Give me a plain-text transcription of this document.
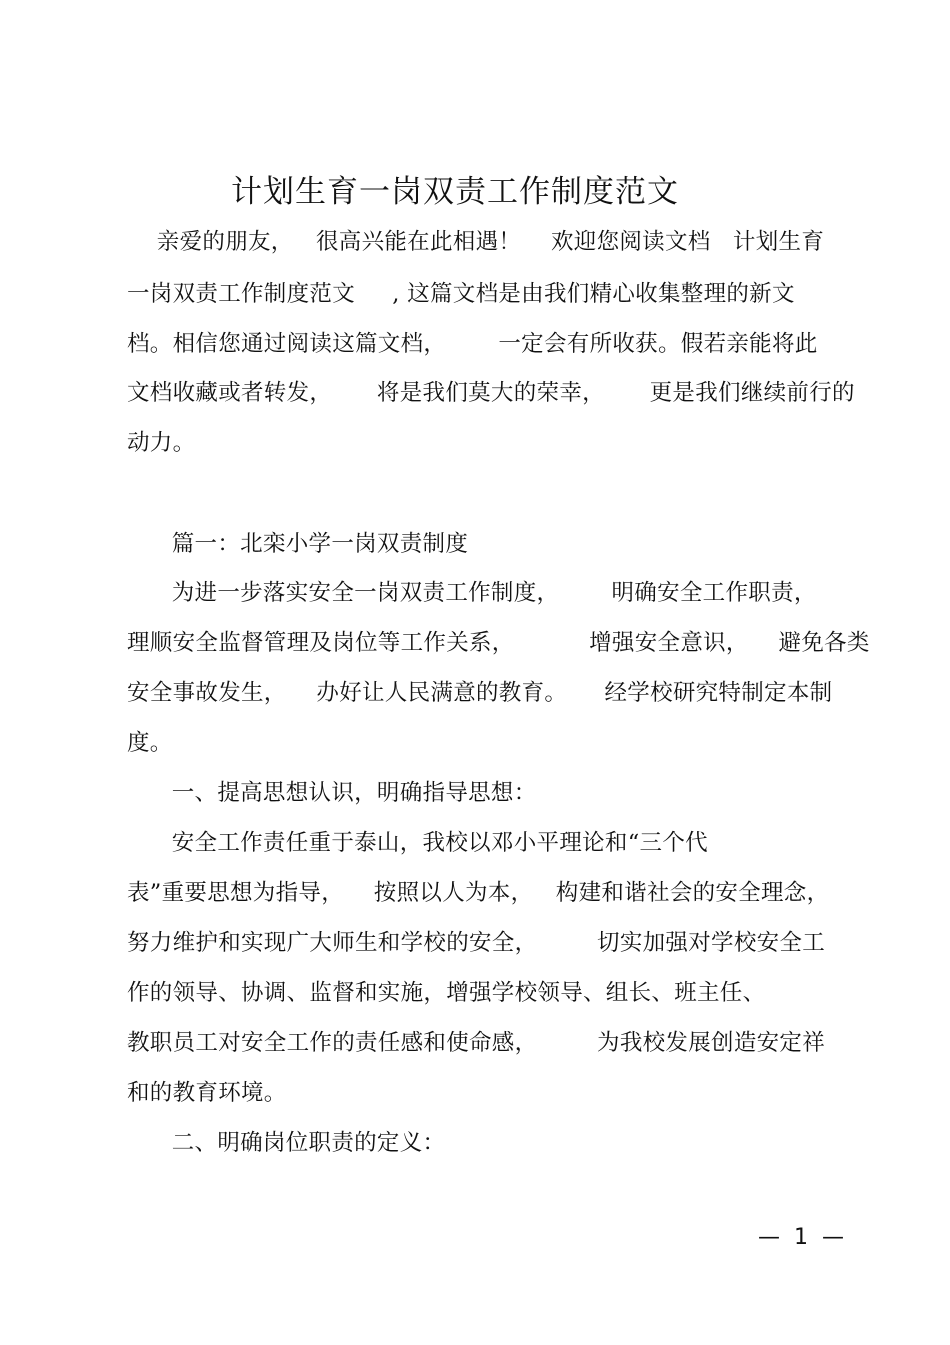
计划生育一岗双责工作制度范文
亲爱的朋友，   很高兴能在此相遇！    欢迎您阅读文档   计划生育
一岗双责工作制度范文     , 这篇文档是由我们精心收集整理的新文
档。相信您通过阅读这篇文档，       一定会有所收获。假若亲能将此
文档收藏或者转发，      将是我们莫大的荣幸，      更是我们继续前行的
动力。
篇一：北栾小学一岗双责制度
为进一步落实安全一岗双责工作制度，       明确安全工作职责，
理顺安全监督管理及岗位等工作关系，          增强安全意识，    避免各类
安全事故发生，    办好让人民满意的教育。     经学校研究特制定本制
度。
一、提高思想认识，明确指导思想：
安全工作责任重于泰山，我校以邓小平理论和“三个代
表”重要思想为指导，    按照以人为本，   构建和谐社会的安全理念，
努力维护和实现广大师生和学校的安全，        切实加强对学校安全工
作的领导、协调、监督和实施，增强学校领导、组长、班主任、
教职员工对安全工作的责任感和使命感，        为我校发展创造安定祥
和的教育环境。
二、明确岗位职责的定义：
—  1  —
